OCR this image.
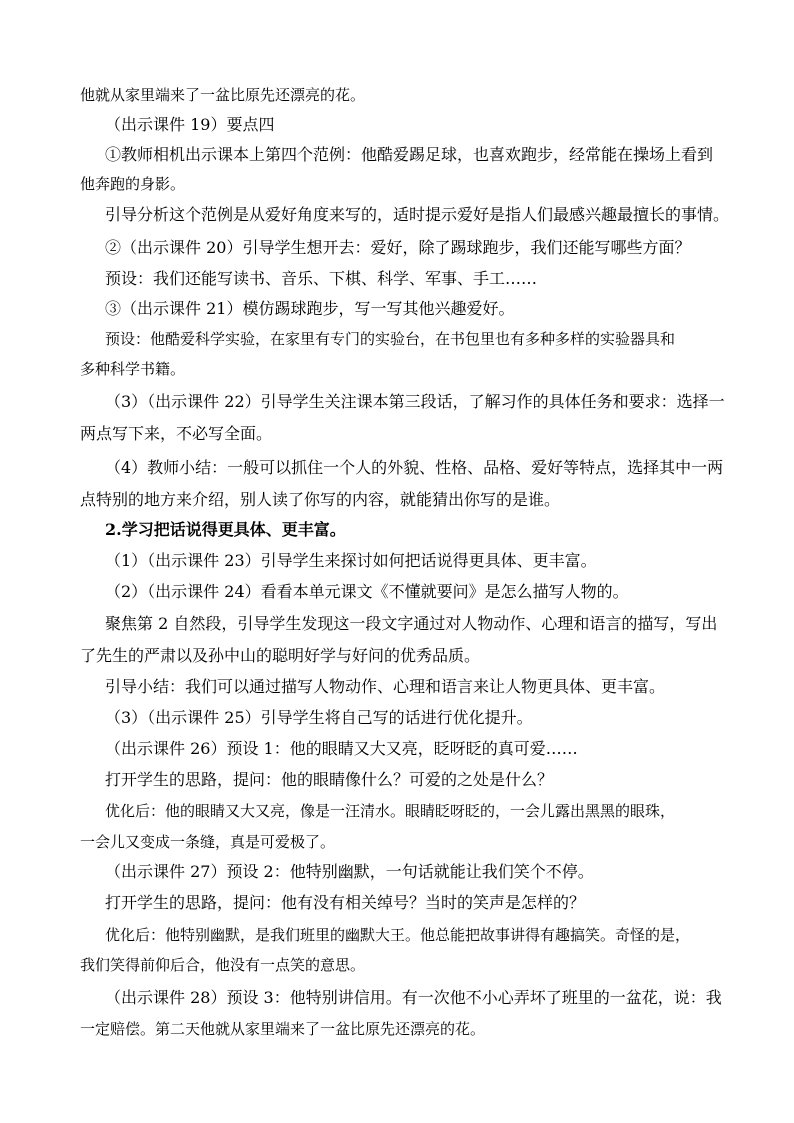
他就从家里端来了一盆比原先还漂亮的花。
（出示课件 19）要点四
①教师相机出示课本上第四个范例：他酷爱踢足球，也喜欢跑步，经常能在操场上看到
他奔跑的身影。
引导分析这个范例是从爱好角度来写的，适时提示爱好是指人们最感兴趣最擅长的事情。
②（出示课件 20）引导学生想开去：爱好，除了踢球跑步，我们还能写哪些方面？
预设：我们还能写读书、音乐、下棋、科学、军事、手工……
③（出示课件 21）模仿踢球跑步，写一写其他兴趣爱好。
预设：他酷爱科学实验，在家里有专门的实验台，在书包里也有多种多样的实验器具和
多种科学书籍。
（3）（出示课件 22）引导学生关注课本第三段话，了解习作的具体任务和要求：选择一
两点写下来，不必写全面。
（4）教师小结：一般可以抓住一个人的外貌、性格、品格、爱好等特点，选择其中一两
点特别的地方来介绍，别人读了你写的内容，就能猜出你写的是谁。
2.学习把话说得更具体、更丰富。
（1）（出示课件 23）引导学生来探讨如何把话说得更具体、更丰富。
（2）（出示课件 24）看看本单元课文《不懂就要问》是怎么描写人物的。
聚焦第 2 自然段，引导学生发现这一段文字通过对人物动作、心理和语言的描写，写出
了先生的严肃以及孙中山的聪明好学与好问的优秀品质。
引导小结：我们可以通过描写人物动作、心理和语言来让人物更具体、更丰富。
（3）（出示课件 25）引导学生将自己写的话进行优化提升。
（出示课件 26）预设 1：他的眼睛又大又亮，眨呀眨的真可爱……
打开学生的思路，提问：他的眼睛像什么？可爱的之处是什么？
优化后：他的眼睛又大又亮，像是一汪清水。眼睛眨呀眨的，一会儿露出黑黑的眼珠，
一会儿又变成一条缝，真是可爱极了。
（出示课件 27）预设 2：他特别幽默，一句话就能让我们笑个不停。
打开学生的思路，提问：他有没有相关绰号？当时的笑声是怎样的？
优化后：他特别幽默，是我们班里的幽默大王。他总能把故事讲得有趣搞笑。奇怪的是，
我们笑得前仰后合，他没有一点笑的意思。
（出示课件 28）预设 3：他特别讲信用。有一次他不小心弄坏了班里的一盆花，说：我
一定赔偿。第二天他就从家里端来了一盆比原先还漂亮的花。
